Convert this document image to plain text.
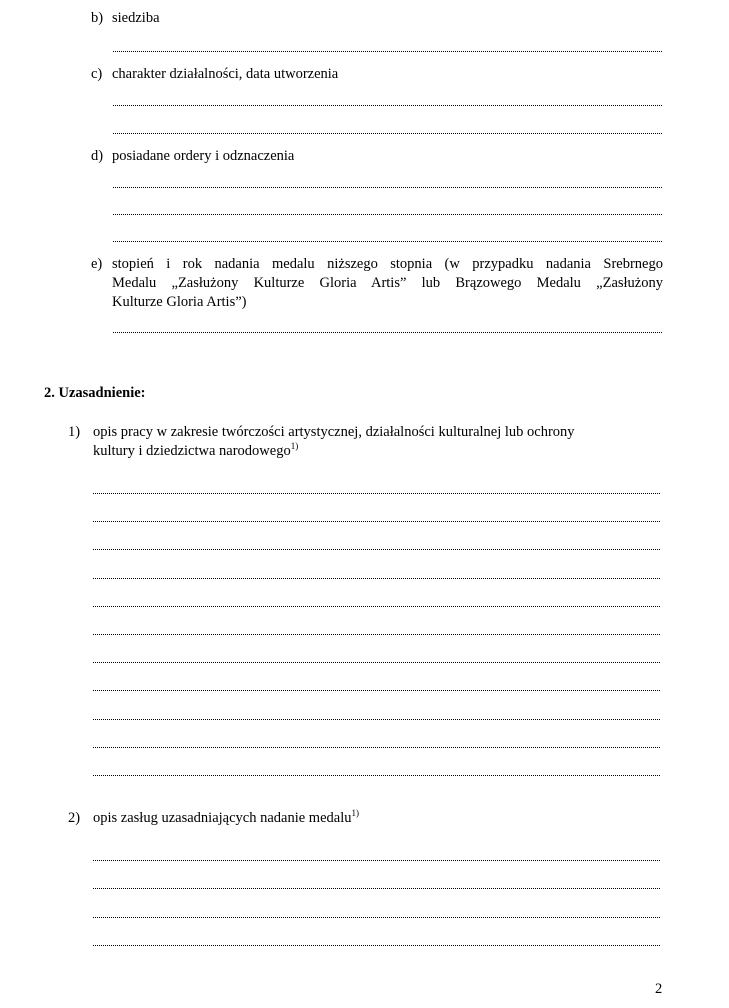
b) siedziba
c) charakter działalności, data utworzenia
d) posiadane ordery i odznaczenia
e) stopień i rok nadania medalu niższego stopnia (w przypadku nadania Srebrnego
Medalu „Zasłużony Kulturze Gloria Artis” lub Brązowego Medalu „Zasłużony
Kulturze Gloria Artis”)
2. Uzasadnienie:
1) opis pracy w zakresie twórczości artystycznej, działalności kulturalnej lub ochrony
kultury i dziedzictwa narodowego$^{1)}$
2) opis zasług uzasadniających nadanie medalu$^{1)}$
2
